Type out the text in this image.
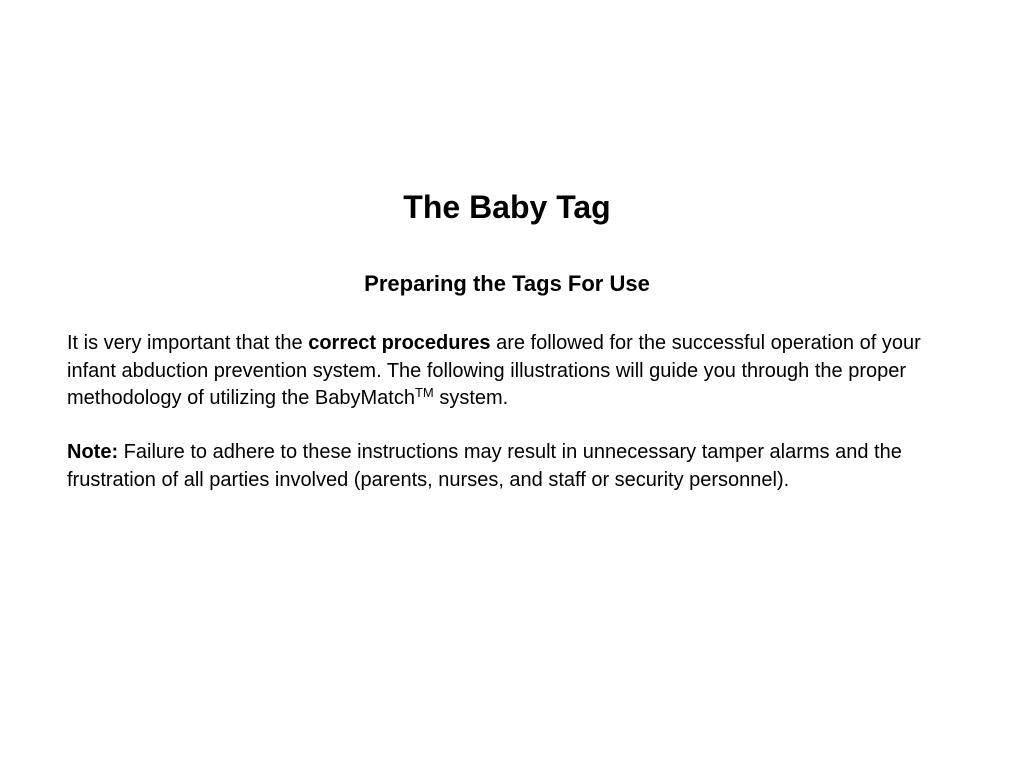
The Baby Tag
Preparing the Tags For Use

It is very important that the correct procedures are followed for the successful operation of your infant abduction prevention system. The following illustrations will guide you through the proper methodology of utilizing the BabyMatch™ system.

Note: Failure to adhere to these instructions may result in unnecessary tamper alarms and the frustration of all parties involved (parents, nurses, and staff or security personnel).
